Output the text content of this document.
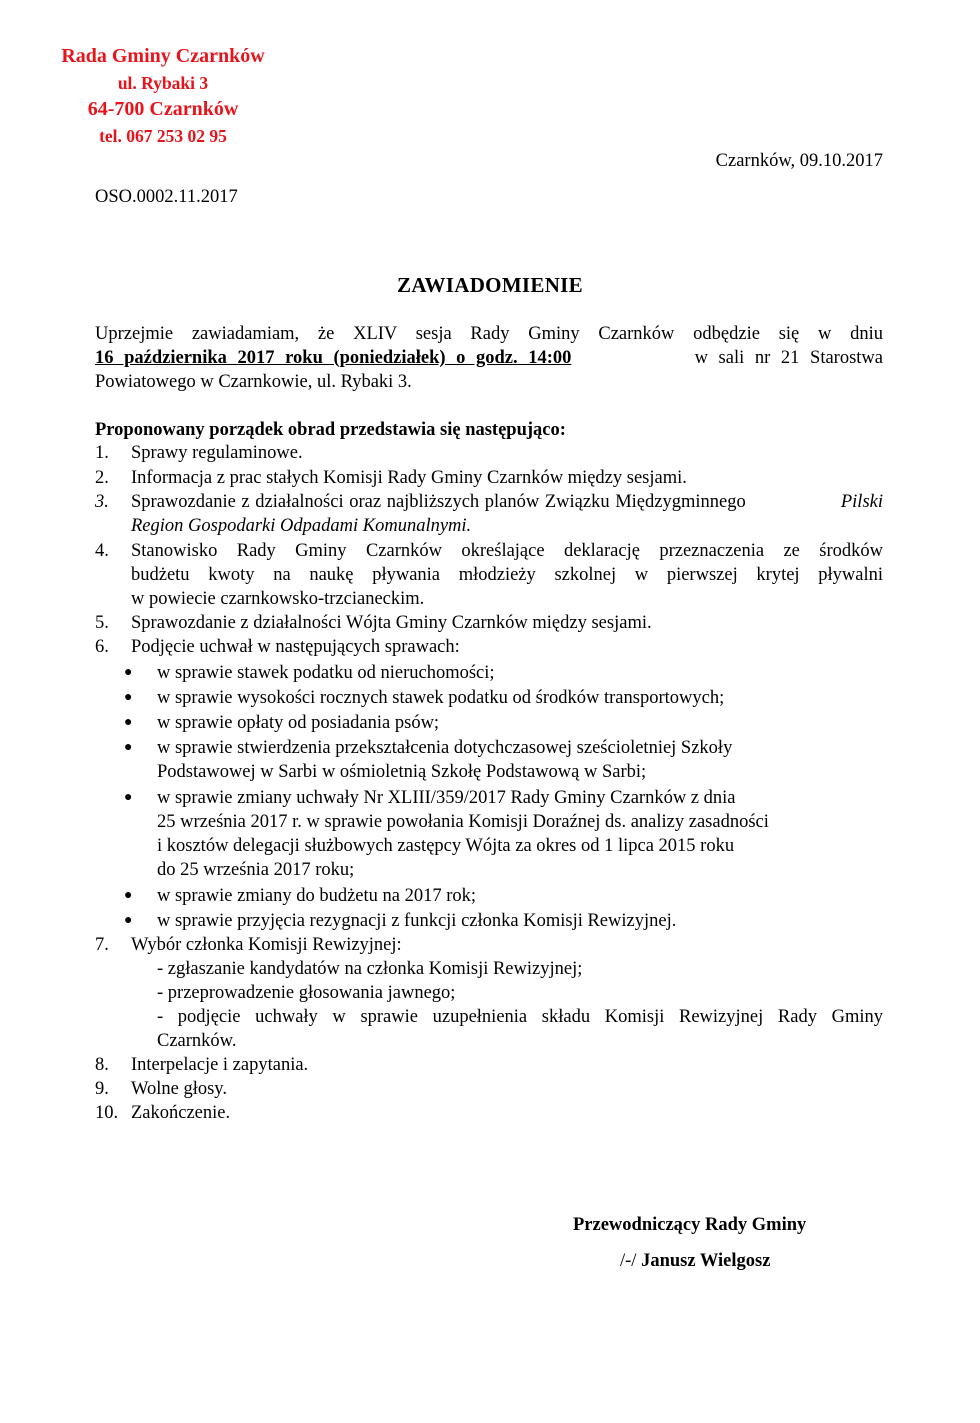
Rada Gminy Czarnków
ul. Rybaki 3
64-700 Czarnków
tel. 067 253 02 95
Czarnków, 09.10.2017
OSO.0002.11.2017
ZAWIADOMIENIE
Uprzejmie zawiadamiam, że XLIV sesja Rady Gminy Czarnków odbędzie się w dniu
16 października 2017 roku (poniedziałek) o godz. 14:00	w sali nr 21 Starostwa
Powiatowego w Czarnkowie, ul. Rybaki 3.
Proponowany porządek obrad przedstawia się następująco:
1.	Sprawy regulaminowe.
2.	Informacja z prac stałych Komisji Rady Gminy Czarnków między sesjami.
3.	Sprawozdanie z działalności oraz najbliższych planów Związku Międzygminnego	Pilski
Region Gospodarki Odpadami Komunalnymi.
4.	Stanowisko Rady Gminy Czarnków określające deklarację przeznaczenia ze środków
budżetu kwoty na naukę pływania młodzieży szkolnej w pierwszej krytej pływalni
w powiecie czarnkowsko-trzcianeckim.
5.	Sprawozdanie z działalności Wójta Gminy Czarnków między sesjami.
6.	Podjęcie uchwał w następujących sprawach:
● w sprawie stawek podatku od nieruchomości;
● w sprawie wysokości rocznych stawek podatku od środków transportowych;
● w sprawie opłaty od posiadania psów;
● w sprawie stwierdzenia przekształcenia dotychczasowej sześcioletniej Szkoły
Podstawowej w Sarbi w ośmioletnią Szkołę Podstawową w Sarbi;
● w sprawie zmiany uchwały Nr XLIII/359/2017 Rady Gminy Czarnków z dnia
25 września 2017 r. w sprawie powołania Komisji Doraźnej ds. analizy zasadności
i kosztów delegacji służbowych zastępcy Wójta za okres od 1 lipca 2015 roku
do 25 września 2017 roku;
● w sprawie zmiany do budżetu na 2017 rok;
● w sprawie przyjęcia rezygnacji z funkcji członka Komisji Rewizyjnej.
7.	Wybór członka Komisji Rewizyjnej:
- zgłaszanie kandydatów na członka Komisji Rewizyjnej;
- przeprowadzenie głosowania jawnego;
- podjęcie uchwały w sprawie uzupełnienia składu Komisji Rewizyjnej Rady Gminy
Czarnków.
8.	Interpelacje i zapytania.
9.	Wolne głosy.
10. Zakończenie.
Przewodniczący Rady Gminy
/-/ Janusz Wielgosz
